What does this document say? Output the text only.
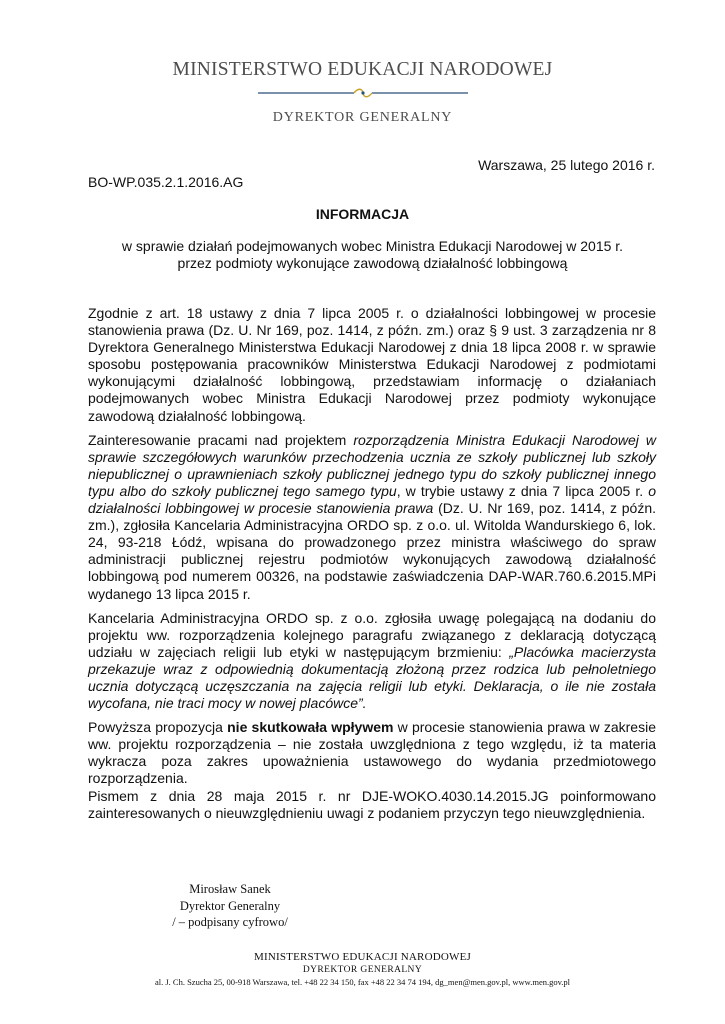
MINISTERSTWO EDUKACJI NARODOWEJ
DYREKTOR GENERALNY
Warszawa, 25 lutego 2016 r.
BO-WP.035.2.1.2016.AG
INFORMACJA
w sprawie działań podejmowanych wobec Ministra Edukacji Narodowej w 2015 r.
przez podmioty wykonujące zawodową działalność lobbingową

Zgodnie z art. 18 ustawy z dnia 7 lipca 2005 r. o działalności lobbingowej w procesie stanowienia prawa (Dz. U. Nr 169, poz. 1414, z późn. zm.) oraz § 9 ust. 3 zarządzenia nr 8 Dyrektora Generalnego Ministerstwa Edukacji Narodowej z dnia 18 lipca 2008 r. w sprawie sposobu postępowania pracowników Ministerstwa Edukacji Narodowej z podmiotami wykonującymi działalność lobbingową, przedstawiam informację o działaniach podejmowanych wobec Ministra Edukacji Narodowej przez podmioty wykonujące zawodową działalność lobbingową.

Zainteresowanie pracami nad projektem rozporządzenia Ministra Edukacji Narodowej w sprawie szczegółowych warunków przechodzenia ucznia ze szkoły publicznej lub szkoły niepublicznej o uprawnieniach szkoły publicznej jednego typu do szkoły publicznej innego typu albo do szkoły publicznej tego samego typu, w trybie ustawy z dnia 7 lipca 2005 r. o działalności lobbingowej w procesie stanowienia prawa (Dz. U. Nr 169, poz. 1414, z późn. zm.), zgłosiła Kancelaria Administracyjna ORDO sp. z o.o. ul. Witolda Wandurskiego 6, lok. 24, 93-218 Łódź, wpisana do prowadzonego przez ministra właściwego do spraw administracji publicznej rejestru podmiotów wykonujących zawodową działalność lobbingową pod numerem 00326, na podstawie zaświadczenia DAP-WAR.760.6.2015.MPi wydanego 13 lipca 2015 r.

Kancelaria Administracyjna ORDO sp. z o.o. zgłosiła uwagę polegającą na dodaniu do projektu ww. rozporządzenia kolejnego paragrafu związanego z deklaracją dotyczącą udziału w zajęciach religii lub etyki w następującym brzmieniu: „Placówka macierzysta przekazuje wraz z odpowiednią dokumentacją złożoną przez rodzica lub pełnoletniego ucznia dotyczącą uczęszczania na zajęcia religii lub etyki. Deklaracja, o ile nie została wycofana, nie traci mocy w nowej placówce”.

Powyższa propozycja nie skutkowała wpływem w procesie stanowienia prawa w zakresie ww. projektu rozporządzenia – nie została uwzględniona z tego względu, iż ta materia wykracza poza zakres upoważnienia ustawowego do wydania przedmiotowego rozporządzenia.

Pismem z dnia 28 maja 2015 r. nr DJE-WOKO.4030.14.2015.JG poinformowano zainteresowanych o nieuwzględnieniu uwagi z podaniem przyczyn tego nieuwzględnienia.

Mirosław Sanek
Dyrektor Generalny
/ – podpisany cyfrowo/
MINISTERSTWO EDUKACJI NARODOWEJ
DYREKTOR GENERALNY
al. J. Ch. Szucha 25, 00-918 Warszawa, tel. +48 22 34 150, fax +48 22 34 74 194, dg_men@men.gov.pl, www.men.gov.pl
